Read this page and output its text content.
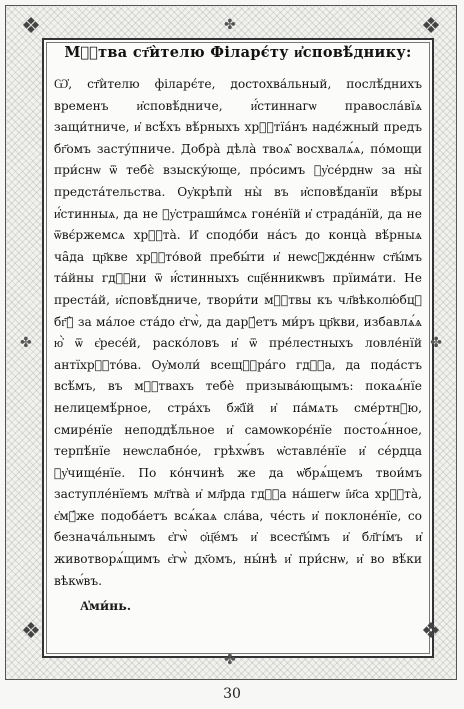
❖	❖
❖	❖
✤	✤
✤
✤
Мⷧ҇тва ст҃ѝтелю Філарє́ту и҆сповѣ́днику:

Ѡ҆, ст҃ѝтелю філарє́те, достохва́льный, послѣ́днихъ временъ и҆сповѣ́дниче, и҆́стиннагѡ правосла́вїѧ защи́тниче, и҆ всѣ́хъ вѣ́рныхъ хрⷭ҇тїа́нъ надє́жный предъ бг҃омъ засту́пниче. Добра̀ дѣла̀ твоѧ̑ восхвалѧ́ѧ, по́мощи при́снѡ ѿ тебє̀ взыску́юще, про́симъ ᲂу҆се́рднѡ за ны̀ предста́тельства. Оу҆крѣпѝ ны̀ въ и҆сповѣ́данїи вѣ́ры и҆́стинныѧ, да не ᲂу҆страши́мсѧ гоне́нїй и҆ страда́нїй, да не ѿвє́ржемсѧ хрⷭ҇та̀. И҆ сподо́би на́съ до конца̀ вѣ́рныѧ ча̑да цр҃кве хрⷭ҇то́вой пребы́ти и҆ неѡсꙋжде́ннѡ ст҃ы́мъ та́йны гдⷭ҇ни ѿ и҆́стинныхъ сщ҃е́нникѡвъ прїима́ти. Не преста́й, и҆сповѣ́дниче, твори́ти мⷧ҇твы къ чл҃вѣколю́бцꙋ бг҃ꙋ̀ за ма́лое ста́до є҆гѡ̀, да дарꙋ́етъ ми́ръ цр҃кви, избавлѧ́ѧ ю҆̀ ѿ є҆ресе́й, раско́ловъ и҆ ѿ пре́лестныхъ ловле́нїй антїхрⷭ҇то́ва. Оу҆моли́ всещⷣ҇ра́го гдⷭ҇а, да пода́стъ всѣ́мъ, въ мⷧ҇твахъ тебѐ призыва́ющымъ: покаѧ́нїе нелицемѣ́рное, стра́хъ бж҃їй и҆ па́мѧть сме́ртнꙋю, смире́нїе неподдѣ́льное и҆ самоѡкорє́нїе постоѧ́нное, терпѣ́нїе неѡслабно́е, грѣхѡ́въ ѡ҆ставле́нїе и҆ се́рдца ᲂу҆чище́нїе. По ко́нчинѣ же да ѡ҆брѧ́щемъ твои́мъ заступле́нїемъ мл҃тва̀ и҆ мл҃рда гдⷭ҇а на́шегѡ і҆и҃са хрⷭ҇та̀, є҆мꙋ́же подоба́етъ всѧ́каѧ сла́ва, че́сть и҆ поклоне́нїе, со безнача́льнымъ є҆гѡ̀ ѻ҆ц҃е́мъ и҆ всест҃ы́мъ и҆ бл҃гі́мъ и҆ животворѧ́щимъ є҆гѡ̀ дх҃омъ, ны́нѣ и҆ при́снѡ, и҆ во вѣ́ки вѣкѡ́въ.

А҆ми́нь.

30
